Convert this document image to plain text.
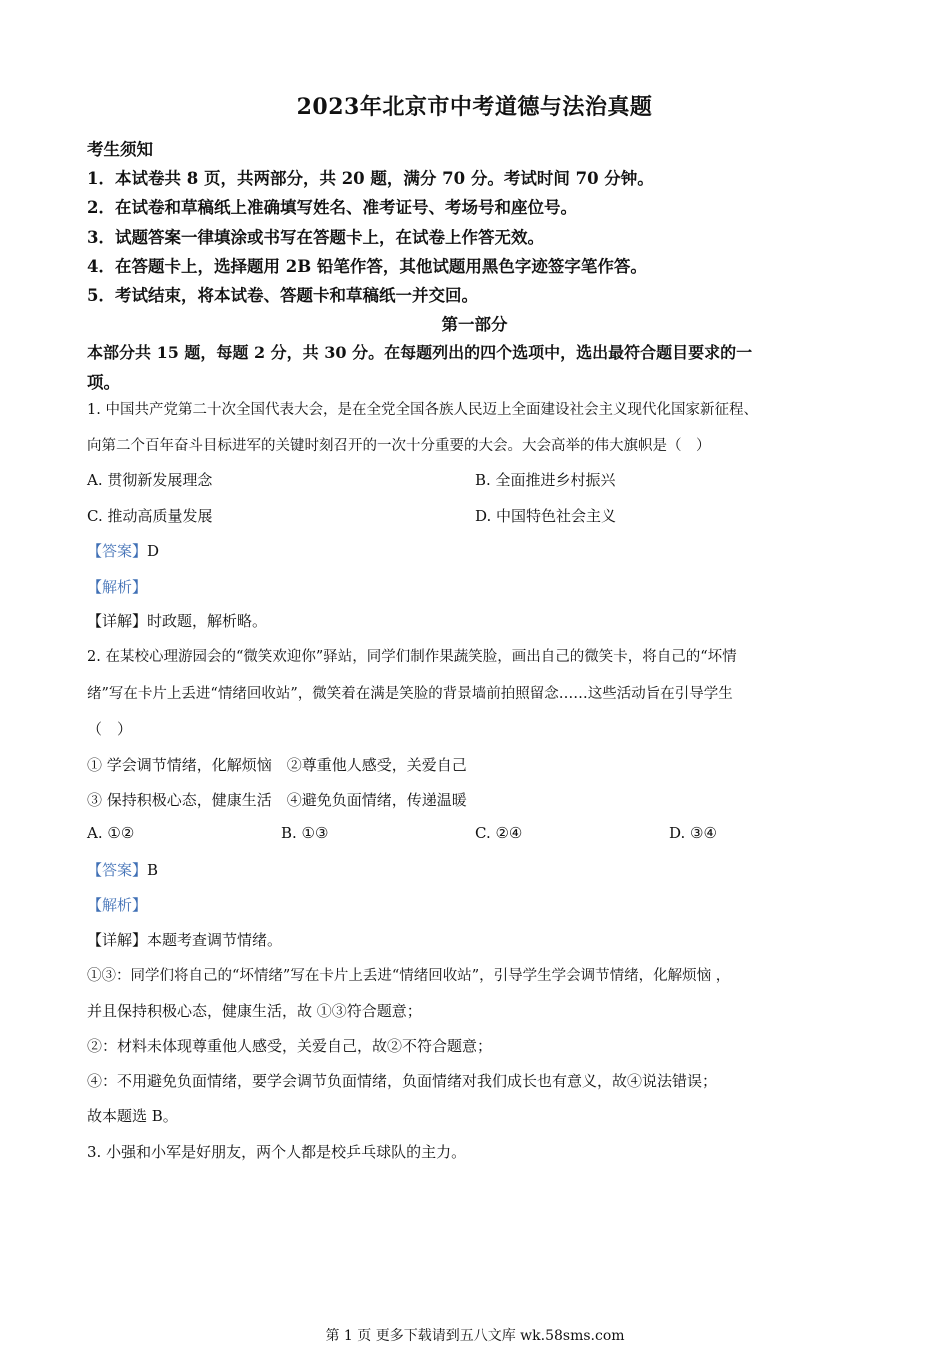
2023年北京市中考道德与法治真题
考生须知
1．本试卷共 8 页，共两部分，共 20 题，满分 70 分。考试时间 70 分钟。
2．在试卷和草稿纸上准确填写姓名、准考证号、考场号和座位号。
3．试题答案一律填涂或书写在答题卡上，在试卷上作答无效。
4．在答题卡上，选择题用 2B 铅笔作答，其他试题用黑色字迹签字笔作答。
5．考试结束，将本试卷、答题卡和草稿纸一并交回。
第一部分
本部分共 15 题，每题 2 分，共 30 分。在每题列出的四个选项中，选出最符合题目要求的一
项。
1. 中国共产党第二十次全国代表大会，是在全党全国各族人民迈上全面建设社会主义现代化国家新征程、
向第二个百年奋斗目标进军的关键时刻召开的一次十分重要的大会。大会高举的伟大旗帜是（　）
A. 贯彻新发展理念	B. 全面推进乡村振兴
C. 推动高质量发展	D. 中国特色社会主义
【答案】D
【解析】
【详解】时政题，解析略。
2. 在某校心理游园会的“微笑欢迎你”驿站，同学们制作果蔬笑脸，画出自己的微笑卡，将自己的“坏情
绪”写在卡片上丢进“情绪回收站”，微笑着在满是笑脸的背景墙前拍照留念……这些活动旨在引导学生
（　）
① 学会调节情绪，化解烦恼　②尊重他人感受，关爱自己
③ 保持积极心态，健康生活　④避免负面情绪，传递温暖
A. ①②	B. ①③	C. ②④	D. ③④
【答案】B
【解析】
【详解】本题考查调节情绪。
①③：同学们将自己的“坏情绪”写在卡片上丢进“情绪回收站”，引导学生学会调节情绪，化解烦恼 ，
并且保持积极心态，健康生活，故 ①③符合题意；
②：材料未体现尊重他人感受，关爱自己，故②不符合题意；
④：不用避免负面情绪，要学会调节负面情绪，负面情绪对我们成长也有意义，故④说法错误；
故本题选 B。
3. 小强和小军是好朋友，两个人都是校乒乓球队的主力。
第 1 页 更多下载请到五八文库 wk.58sms.com
